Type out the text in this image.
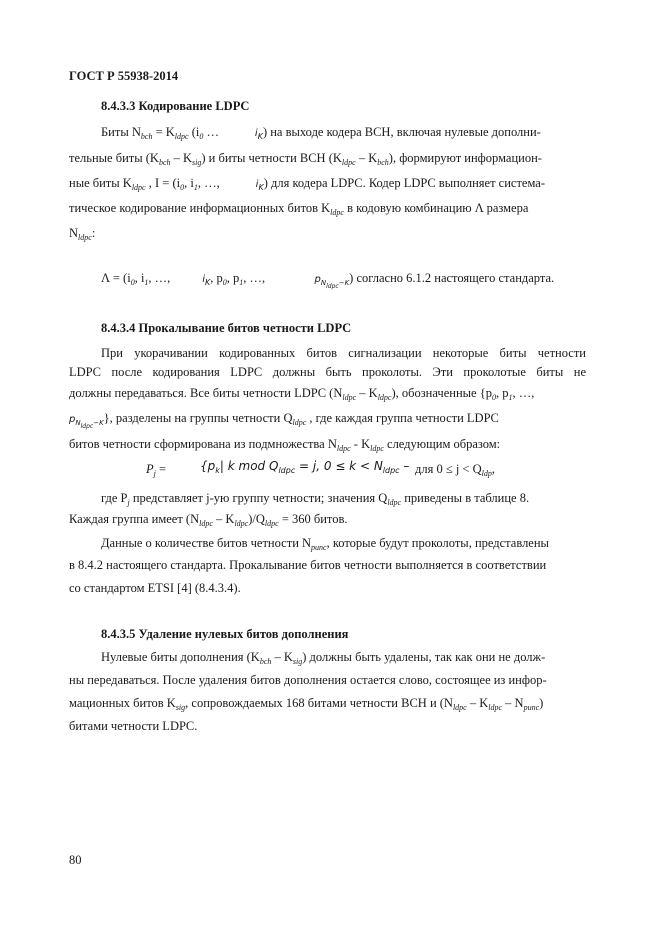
ГОСТ Р 55938-2014
8.4.3.3 Кодирование LDPC
Биты $N_{bch} = K_{ldpc}$ ($i_0$ …	$i_K$) на выходе кодера BCH, включая нулевые дополни-
тельные биты $(K_{bch} - K_{sig})$ и биты четности BCH $(K_{ldpc} - K_{bch})$, формируют информацион-
ные биты $K_{ldpc}$ , $I = (i_0$, $i_1$, …,	$i_K$) для кодера LDPC. Кодер LDPC выполняет система-
тическое кодирование информационных битов $K_{ldpc}$ в кодовую комбинацию Λ размера
$N_{ldpc}$:
$\Lambda = (i_0$, $i_1$, …,	$i_K$, $p_0$, $p_1$, …,	$p_{N_{ldpc}-K}$) согласно 6.1.2 настоящего стандарта.
8.4.3.4 Прокалывание битов четности LDPC
При укорачивании кодированных битов сигнализации некоторые биты четности
LDPC после кодирования LDPC должны быть проколоты. Эти проколотые биты не
должны передаваться. Все биты четности LDPC $(N_{ldpc} - K_{ldpc})$, обозначенные {$p_0$, $p_1$, …,
$p_{N_{ldpc}-K}$}, разделены на группы четности $Q_{ldpc}$ , где каждая группа четности LDPC
битов четности сформирована из подмножества $N_{ldpc} - K_{ldpc}$ следующим образом:
$P_j$ =	{$p_k|$ k mod $Q_{ldpc} = j$, $0 \le k < N_{ldpc}$ – для $0 \le j < Q_{ldp}$,
где $P_j$ представляет j-ую группу четности; значения $Q_{ldpc}$ приведены в таблице 8.
Каждая группа имеет $(N_{ldpc} - K_{ldpc})/Q_{ldpc} = 360$ битов.
Данные о количестве битов четности $N_{punc}$, которые будут проколоты, представлены
в 8.4.2 настоящего стандарта. Прокалывание битов четности выполняется в соответствии
со стандартом ETSI [4] (8.4.3.4).
8.4.3.5 Удаление нулевых битов дополнения
Нулевые биты дополнения $(K_{bch} - K_{sig})$ должны быть удалены, так как они не долж-
ны передаваться. После удаления битов дополнения остается слово, состоящее из инфор-
мационных битов $K_{sig}$, сопровождаемых 168 битами четности BCH и $(N_{ldpc} - K_{ldpc} - N_{punc})$
битами четности LDPC.
80
